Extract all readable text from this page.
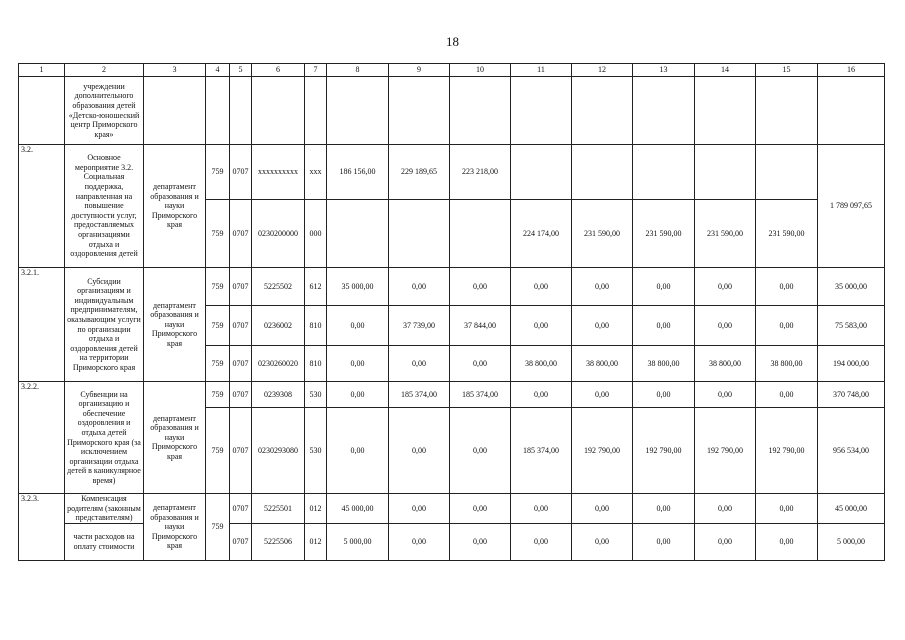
18
1	2	3	4	5	6	7	8	9	10	11	12	13	14	15	16
	учреждении дополнительного образования детей «Детско-юношеский центр Приморского края»														
3.2.	Основное мероприятие 3.2. Социальная поддержка, направленная на повышение доступности услуг, предоставляемых организациями отдыха и оздоровления детей	департамент образования и науки Приморского края	759	0707	хххххххххх	ххх	186 156,00	229 189,65	223 218,00						1 789 097,65
			759	0707	0230200000	000				224 174,00	231 590,00	231 590,00	231 590,00	231 590,00	
3.2.1.	Субсидии организациям и индивидуальным предпринимателям, оказывающим услуги по организации отдыха и оздоровления детей на территории Приморского края	департамент образования и науки Приморского края	759	0707	5225502	612	35 000,00	0,00	0,00	0,00	0,00	0,00	0,00	0,00	35 000,00
			759	0707	0236002	810	0,00	37 739,00	37 844,00	0,00	0,00	0,00	0,00	0,00	75 583,00
			759	0707	0230260020	810	0,00	0,00	0,00	38 800,00	38 800,00	38 800,00	38 800,00	38 800,00	194 000,00
3.2.2.	Субвенции на организацию и обеспечение оздоровления и отдыха детей Приморского края (за исключением организации отдыха детей в каникулярное время)	департамент образования и науки Приморского края	759	0707	0239308	530	0,00	185 374,00	185 374,00	0,00	0,00	0,00	0,00	0,00	370 748,00
			759	0707	0230293080	530	0,00	0,00	0,00	185 374,00	192 790,00	192 790,00	192 790,00	192 790,00	956 534,00
3.2.3.	Компенсация родителям (законным представителям)	департамент образования и науки Приморского края	759	0707	5225501	012	45 000,00	0,00	0,00	0,00	0,00	0,00	0,00	0,00	45 000,00
	части расходов на оплату стоимости			0707	5225506	012	5 000,00	0,00	0,00	0,00	0,00	0,00	0,00	0,00	5 000,00
